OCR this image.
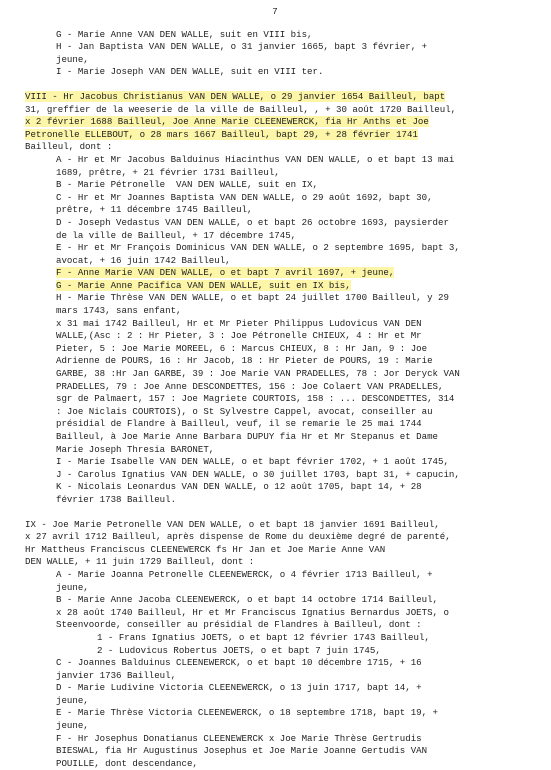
7
G - Marie Anne VAN DEN WALLE, suit en VIII bis,
H - Jan Baptista VAN DEN WALLE, o 31 janvier 1665, bapt 3 février, +
jeune,
I - Marie Joseph VAN DEN WALLE, suit en VIII ter.
VIII - Hr Jacobus Christianus VAN DEN WALLE, o 29 janvier 1654 Bailleul, bapt
31, greffier de la weeserie de la ville de Bailleul, , + 30 août 1720 Bailleul,
x 2 février 1688 Bailleul, Joe Anne Marie CLEENEWERCK, fia Hr Anths et Joe
Petronelle ELLEBOUT, o 28 mars 1667 Bailleul, bapt 29, + 28 février 1741
Bailleul, dont :
A - Hr et Mr Jacobus Balduinus Hiacinthus VAN DEN WALLE, o et bapt 13 mai
1689, prêtre, + 21 février 1731 Bailleul,
B - Marie Pétronelle  VAN DEN WALLE, suit en IX,
C - Hr et Mr Joannes Baptista VAN DEN WALLE, o 29 août 1692, bapt 30,
prêtre, + 11 décembre 1745 Bailleul,
D - Joseph Vedastus VAN DEN WALLE, o et bapt 26 octobre 1693, paysierder
de la ville de Bailleul, + 17 décembre 1745,
E - Hr et Mr François Dominicus VAN DEN WALLE, o 2 septembre 1695, bapt 3,
avocat, + 16 juin 1742 Bailleul,
F - Anne Marie VAN DEN WALLE, o et bapt 7 avril 1697, + jeune,
G - Marie Anne Pacifica VAN DEN WALLE, suit en IX bis,
H - Marie Thrèse VAN DEN WALLE, o et bapt 24 juillet 1700 Bailleul, y 29
mars 1743, sans enfant,
x 31 mai 1742 Bailleul, Hr et Mr Pieter Philippus Ludovicus VAN DEN
WALLE,(Asc : 2 : Hr Pieter, 3 : Joe Pétronelle CHIEUX, 4 : Hr et Mr
Pieter, 5 : Joe Marie MOREEL, 6 : Marcus CHIEUX, 8 : Hr Jan, 9 : Joe
Adrienne de POURS, 16 : Hr Jacob, 18 : Hr Pieter de POURS, 19 : Marie
GARBE, 38 :Hr Jan GARBE, 39 : Joe Marie VAN PRADELLES, 78 : Jor Deryck VAN
PRADELLES, 79 : Joe Anne DESCONDETTES, 156 : Joe Colaert VAN PRADELLES,
sgr de Palmaert, 157 : Joe Magriete COURTOIS, 158 : ... DESCONDETTES, 314
: Joe Niclais COURTOIS), o St Sylvestre Cappel, avocat, conseiller au
présidial de Flandre à Bailleul, veuf, il se remarie le 25 mai 1744
Bailleul, à Joe Marie Anne Barbara DUPUY fia Hr et Mr Stepanus et Dame
Marie Joseph Thresia BARONET,
I - Marie Isabelle VAN DEN WALLE, o et bapt février 1702, + 1 août 1745,
J - Carolus Ignatius VAN DEN WALLE, o 30 juillet 1703, bapt 31, + capucin,
K - Nicolais Leonardus VAN DEN WALLE, o 12 août 1705, bapt 14, + 28
février 1738 Bailleul.
IX - Joe Marie Petronelle VAN DEN WALLE, o et bapt 18 janvier 1691 Bailleul,
x 27 avril 1712 Bailleul, après dispense de Rome du deuxième degré de parenté,
Hr Mattheus Franciscus CLEENEWERCK fs Hr Jan et Joe Marie Anne VAN
DEN WALLE, + 11 juin 1729 Bailleul, dont :
A - Marie Joanna Petronelle CLEENEWERCK, o 4 février 1713 Bailleul, +
jeune,
B - Marie Anne Jacoba CLEENEWERCK, o et bapt 14 octobre 1714 Bailleul,
x 28 août 1740 Bailleul, Hr et Mr Franciscus Ignatius Bernardus JOETS, o
Steenvoorde, conseiller au présidial de Flandres à Bailleul, dont :
1 - Frans Ignatius JOETS, o et bapt 12 février 1743 Bailleul,
2 - Ludovicus Robertus JOETS, o et bapt 7 juin 1745,
C - Joannes Balduinus CLEENEWERCK, o et bapt 10 décembre 1715, + 16
janvier 1736 Bailleul,
D - Marie Ludivine Victoria CLEENEWERCK, o 13 juin 1717, bapt 14, +
jeune,
E - Marie Thrèse Victoria CLEENEWERCK, o 18 septembre 1718, bapt 19, +
jeune,
F - Hr Josephus Donatianus CLEENEWERCK x Joe Marie Thrèse Gertrudis
BIESWAL, fia Hr Augustinus Josephus et Joe Marie Joanne Gertudis VAN
POUILLE, dont descendance,
